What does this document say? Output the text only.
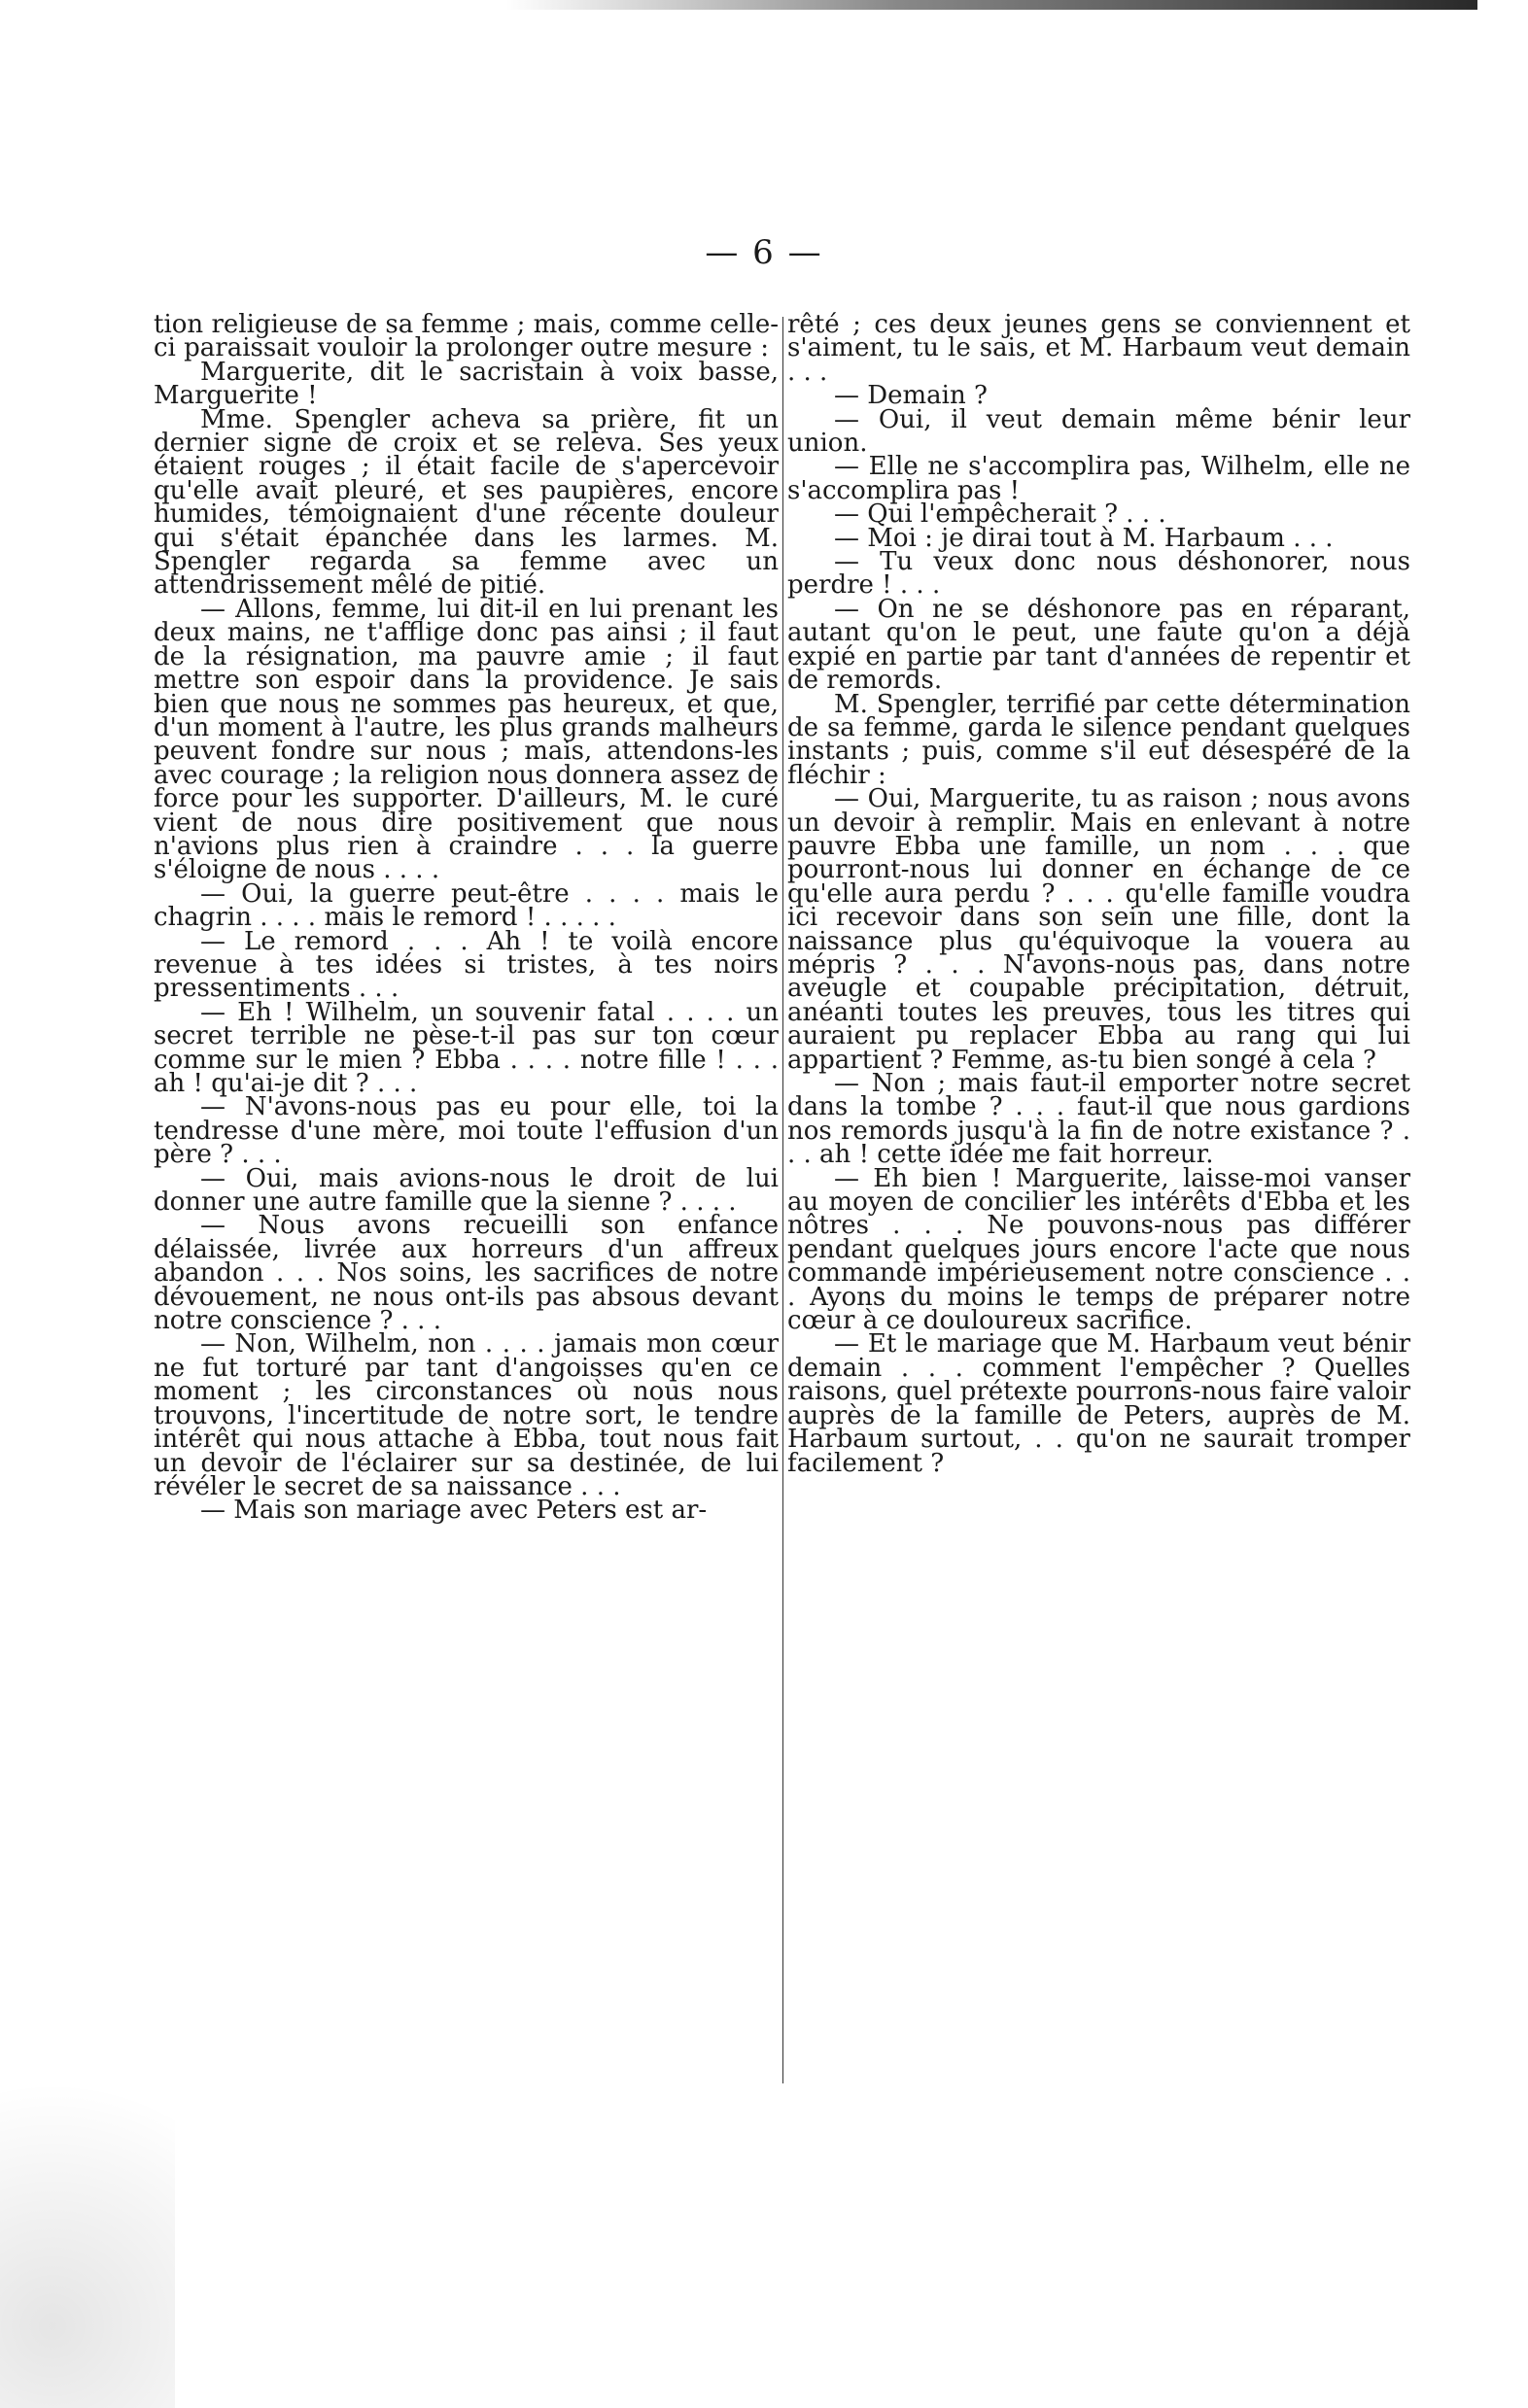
— 6 —

tion religieuse de sa femme ; mais, comme celle-ci paraissait vouloir la prolonger outre mesure :

Marguerite, dit le sacristain à voix basse, Marguerite !

Mme. Spengler acheva sa prière, fit un dernier signe de croix et se releva. Ses yeux étaient rouges ; il était facile de s'apercevoir qu'elle avait pleuré, et ses paupières, encore humides, témoignaient d'une récente douleur qui s'était épanchée dans les larmes. M. Spengler regarda sa femme avec un attendrissement mêlé de pitié.

— Allons, femme, lui dit-il en lui prenant les deux mains, ne t'afflige donc pas ainsi ; il faut de la résignation, ma pauvre amie ; il faut mettre son espoir dans la providence. Je sais bien que nous ne sommes pas heureux, et que, d'un moment à l'autre, les plus grands malheurs peuvent fondre sur nous ; mais, attendons-les avec courage ; la religion nous donnera assez de force pour les supporter. D'ailleurs, M. le curé vient de nous dire positivement que nous n'avions plus rien à craindre . . . la guerre s'éloigne de nous . . . .

— Oui, la guerre peut-être . . . . mais le chagrin . . . . mais le remord ! . . . . .

— Le remord . . . Ah ! te voilà encore revenue à tes idées si tristes, à tes noirs pressentiments . . .

— Eh ! Wilhelm, un souvenir fatal . . . . un secret terrible ne pèse-t-il pas sur ton cœur comme sur le mien ? Ebba . . . . notre fille ! . . . ah ! qu'ai-je dit ? . . .

— N'avons-nous pas eu pour elle, toi la tendresse d'une mère, moi toute l'effusion d'un père ? . . .

— Oui, mais avions-nous le droit de lui donner une autre famille que la sienne ? . . . .

— Nous avons recueilli son enfance délaissée, livrée aux horreurs d'un affreux abandon . . . Nos soins, les sacrifices de notre dévouement, ne nous ont-ils pas absous devant notre conscience ? . . .

— Non, Wilhelm, non . . . . jamais mon cœur ne fut torturé par tant d'angoisses qu'en ce moment ; les circonstances où nous nous trouvons, l'incertitude de notre sort, le tendre intérêt qui nous attache à Ebba, tout nous fait un devoir de l'éclairer sur sa destinée, de lui révéler le secret de sa naissance . . .

— Mais son mariage avec Peters est ar-

rêté ; ces deux jeunes gens se conviennent et s'aiment, tu le sais, et M. Harbaum veut demain . . .

— Demain ?

— Oui, il veut demain même bénir leur union.

— Elle ne s'accomplira pas, Wilhelm, elle ne s'accomplira pas !

— Qui l'empêcherait ? . . .

— Moi : je dirai tout à M. Harbaum . . .

— Tu veux donc nous déshonorer, nous perdre ! . . .

— On ne se déshonore pas en réparant, autant qu'on le peut, une faute qu'on a déjà expié en partie par tant d'années de repentir et de remords.

M. Spengler, terrifié par cette détermination de sa femme, garda le silence pendant quelques instants ; puis, comme s'il eut désespéré de la fléchir :

— Oui, Marguerite, tu as raison ; nous avons un devoir à remplir. Mais en enlevant à notre pauvre Ebba une famille, un nom . . . que pourront-nous lui donner en échange de ce qu'elle aura perdu ? . . . qu'elle famille voudra ici recevoir dans son sein une fille, dont la naissance plus qu'équivoque la vouera au mépris ? . . . N'avons-nous pas, dans notre aveugle et coupable précipitation, détruit, anéanti toutes les preuves, tous les titres qui auraient pu replacer Ebba au rang qui lui appartient ? Femme, as-tu bien songé à cela ?

— Non ; mais faut-il emporter notre secret dans la tombe ? . . . faut-il que nous gardions nos remords jusqu'à la fin de notre existance ? . . . ah ! cette idée me fait horreur.

— Eh bien ! Marguerite, laisse-moi vanser au moyen de concilier les intérêts d'Ebba et les nôtres . . . Ne pouvons-nous pas différer pendant quelques jours encore l'acte que nous commande impérieusement notre conscience . . . Ayons du moins le temps de préparer notre cœur à ce douloureux sacrifice.

— Et le mariage que M. Harbaum veut bénir demain . . . comment l'empêcher ? Quelles raisons, quel prétexte pourrons-nous faire valoir auprès de la famille de Peters, auprès de M. Harbaum surtout, . . qu'on ne saurait tromper facilement ?
